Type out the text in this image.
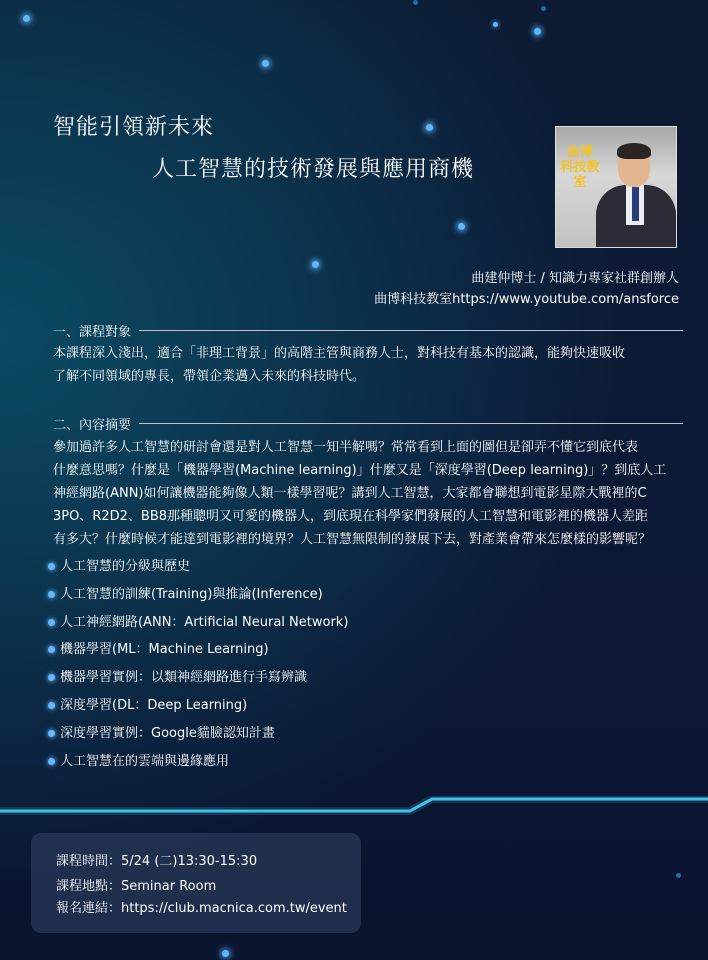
智能引領新未來
人工智慧的技術發展與應用商機
曲博
科技教室
曲建仲博士 / 知識力專家社群創辦人
曲博科技教室https://www.youtube.com/ansforce
一、課程對象
本課程深入淺出，適合「非理工背景」的高階主管與商務人士，對科技有基本的認識，能夠快速吸收
了解不同領域的專長，帶領企業邁入未來的科技時代。
二、內容摘要
參加過許多人工智慧的研討會還是對人工智慧一知半解嗎？常常看到上面的圖但是卻弄不懂它到底代表
什麼意思嗎？什麼是「機器學習(Machine learning)」什麼又是「深度學習(Deep learning)」？到底人工
神經網路(ANN)如何讓機器能夠像人類一樣學習呢？講到人工智慧，大家都會聯想到電影星際大戰裡的C
3PO、R2D2、BB8那種聰明又可愛的機器人，到底現在科學家們發展的人工智慧和電影裡的機器人差距
有多大？什麼時候才能達到電影裡的境界？人工智慧無限制的發展下去，對產業會帶來怎麼樣的影響呢？
人工智慧的分級與歷史
人工智慧的訓練(Training)與推論(Inference)
人工神經網路(ANN：Artificial Neural Network)
機器學習(ML：Machine Learning)
機器學習實例：以類神經網路進行手寫辨識
深度學習(DL：Deep Learning)
深度學習實例：Google貓臉認知計畫
人工智慧在的雲端與邊緣應用
課程時間：5/24 (二)13:30-15:30
課程地點：Seminar Room
報名連結：https://club.macnica.com.tw/event
